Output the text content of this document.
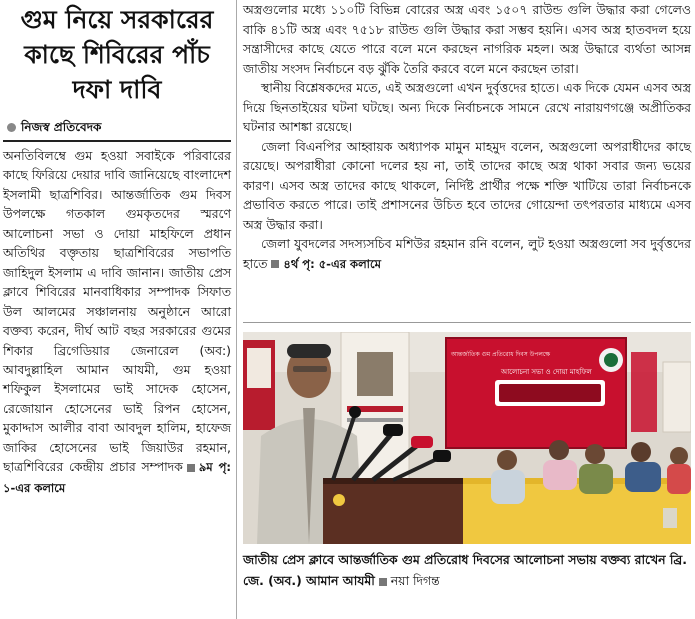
গুম নিয়ে সরকারের কাছে শিবিরের পাঁচ দফা দাবি
নিজস্ব প্রতিবেদক

অনতিবিলম্বে গুম হওয়া সবাইকে পরিবারের কাছে ফিরিয়ে দেয়ার দাবি জানিয়েছে বাংলাদেশ ইসলামী ছাত্রশিবির। আন্তর্জাতিক গুম দিবস উপলক্ষে গতকাল গুমকৃতদের স্মরণে আলোচনা সভা ও দোয়া মাহফিলে প্রধান অতিথির বক্তৃতায় ছাত্রশিবিরের সভাপতি জাহিদুল ইসলাম এ দাবি জানান। জাতীয় প্রেস ক্লাবে শিবিরের মানবাধিকার সম্পাদক সিফাত উল আলমের সঞ্চালনায় অনুষ্ঠানে আরো বক্তব্য করেন, দীর্ঘ আট বছর সরকারের গুমের শিকার ব্রিগেডিয়ার জেনারেল (অব:) আবদুল্লাহিল আমান আযমী, গুম হওয়া শফিকুল ইসলামের ভাই সাদেক হোসেন, রেজোয়ান হোসেনের ভাই রিপন হোসেন, মুকাদ্দাস আলীর বাবা আবদুল হালিম, হাফেজ জাকির হোসেনের ভাই জিয়াউর রহমান, ছাত্রশিবিরের কেন্দ্রীয় প্রচার সম্পাদক ৯ম পৃ: ১-এর কলামে

অস্ত্রগুলোর মধ্যে ১১০টি বিভিন্ন বোরের অস্ত্র এবং ১৫০৭ রাউন্ড গুলি উদ্ধার করা গেলেও বাকি ৪১টি অস্ত্র এবং ৭৫১৮ রাউন্ড গুলি উদ্ধার করা সম্ভব হয়নি। এসব অস্ত্র হাতবদল হয়ে সন্ত্রাসীদের কাছে যেতে পারে বলে মনে করছেন নাগরিক মহল। অস্ত্র উদ্ধারে ব্যর্থতা আসন্ন জাতীয় সংসদ নির্বাচনে বড় ঝুঁকি তৈরি করবে বলে মনে করছেন তারা।

স্থানীয় বিশ্লেষকদের মতে, এই অস্ত্রগুলো এখন দুর্বৃত্তদের হাতে। এক দিকে যেমন এসব অস্ত্র দিয়ে ছিনতাইয়ের ঘটনা ঘটছে। অন্য দিকে নির্বাচনকে সামনে রেখে নারায়ণগঞ্জে অপ্রীতিকর ঘটনার আশঙ্কা রয়েছে।

জেলা বিএনপির আহ্বায়ক অধ্যাপক মামুন মাহমুদ বলেন, অস্ত্রগুলো অপরাধীদের কাছে রয়েছে। অপরাধীরা কোনো দলের হয় না, তাই তাদের কাছে অস্ত্র থাকা সবার জন্য ভয়ের কারণ। এসব অস্ত্র তাদের কাছে থাকলে, নির্দিষ্ট প্রার্থীর পক্ষে শক্তি খাটিয়ে তারা নির্বাচনকে প্রভাবিত করতে পারে। তাই প্রশাসনের উচিত হবে তাদের গোয়েন্দা তৎপরতার মাধ্যমে এসব অস্ত্র উদ্ধার করা।

জেলা যুবদলের সদস্যসচিব মশিউর রহমান রনি বলেন, লুট হওয়া অস্ত্রগুলো সব দুর্বৃত্তদের হাতে ৪র্থ পৃ: ৫-এর কলামে

আলোচনা সভা ও দোয়া মাহফিল
আন্তর্জাতিক গুম প্রতিরোধ দিবস উপলক্ষে
জাতীয় প্রেস ক্লাবে আন্তর্জাতিক গুম প্রতিরোধ দিবসের আলোচনা সভায় বক্তব্য রাখেন ব্রি. জে. (অব.) আমান আযমী নয়া দিগন্ত
